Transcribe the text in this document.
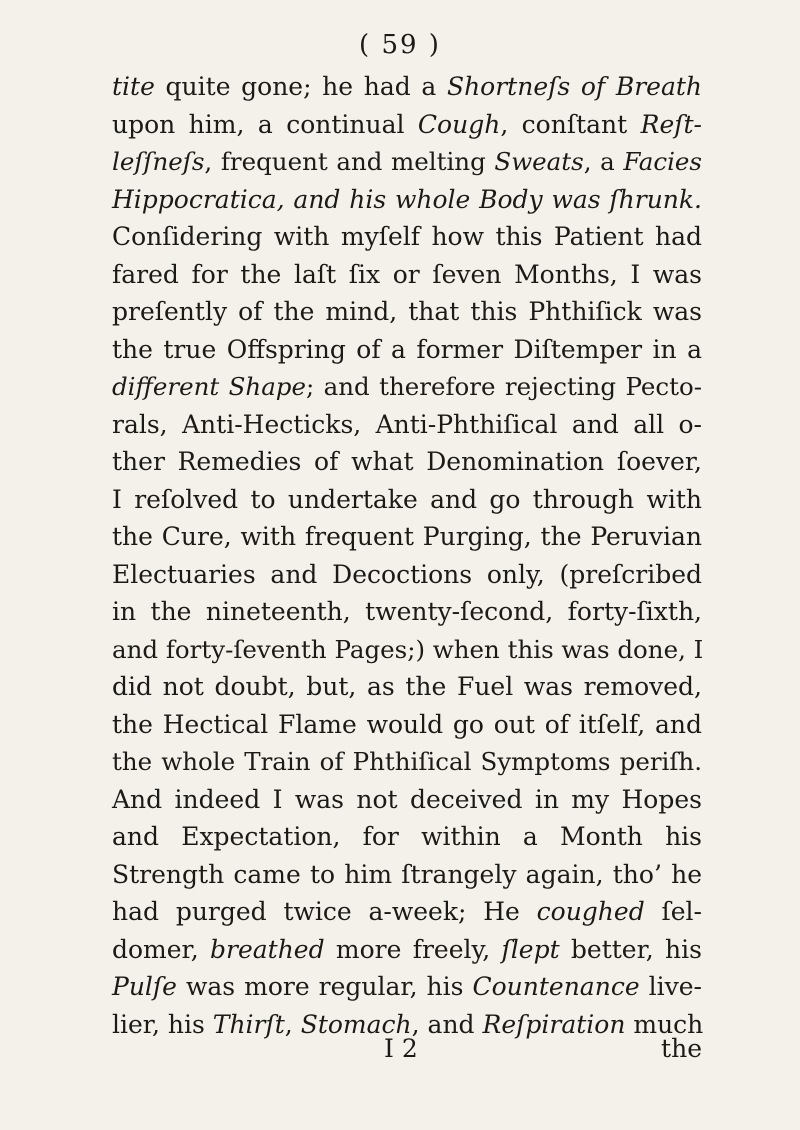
( 59 )
tite quite gone; he had a Shortneſs of Breath
upon him, a continual Cough, conſtant Reſt-
leſſneſs, frequent and melting Sweats, a Facies
Hippocratica, and his whole Body was ſhrunk.
Conſidering with myſelf how this Patient had
fared for the laſt ſix or ſeven Months, I was
preſently of the mind, that this Phthiſick was
the true Offspring of a former Diſtemper in a
different Shape; and therefore rejecting Pecto-
rals, Anti-Hecticks, Anti-Phthiſical and all o-
ther Remedies of what Denomination ſoever,
I reſolved to undertake and go through with
the Cure, with frequent Purging, the Peruvian
Electuaries and Decoctions only, (preſcribed
in the nineteenth, twenty-ſecond, forty-ſixth,
and forty-ſeventh Pages;) when this was done, I
did not doubt, but, as the Fuel was removed,
the Hectical Flame would go out of itſelf, and
the whole Train of Phthiſical Symptoms periſh.
And indeed I was not deceived in my Hopes
and Expectation, for within a Month his
Strength came to him ſtrangely again, tho’ he
had purged twice a-week; He coughed ſel-
domer, breathed more freely, ſlept better, his
Pulſe was more regular, his Countenance live-
lier, his Thirſt, Stomach, and Reſpiration much
I 2	the
